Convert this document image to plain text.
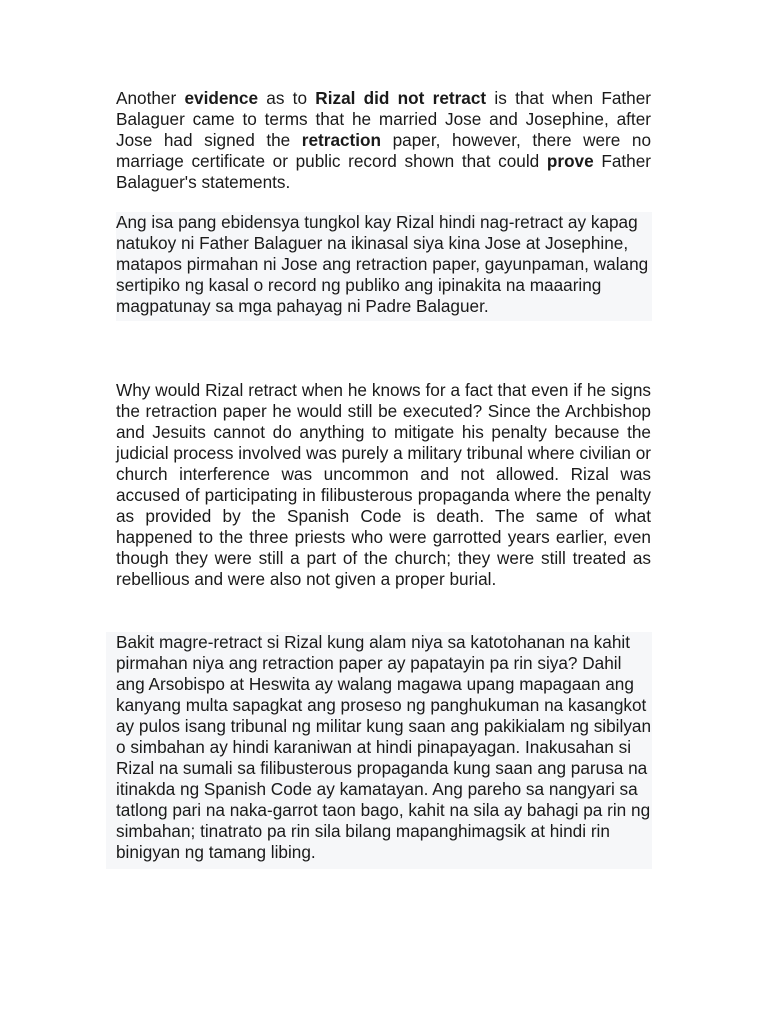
Another evidence as to Rizal did not retract is that when Father Balaguer came to terms that he married Jose and Josephine, after Jose had signed the retraction paper, however, there were no marriage certificate or public record shown that could prove Father Balaguer's statements.

Ang isa pang ebidensya tungkol kay Rizal hindi nag-retract ay kapag natukoy ni Father Balaguer na ikinasal siya kina Jose at Josephine, matapos pirmahan ni Jose ang retraction paper, gayunpaman, walang sertipiko ng kasal o record ng publiko ang ipinakita na maaaring magpatunay sa mga pahayag ni Padre Balaguer.

Why would Rizal retract when he knows for a fact that even if he signs the retraction paper he would still be executed? Since the Archbishop and Jesuits cannot do anything to mitigate his penalty because the judicial process involved was purely a military tribunal where civilian or church interference was uncommon and not allowed. Rizal was accused of participating in filibusterous propaganda where the penalty as provided by the Spanish Code is death. The same of what happened to the three priests who were garrotted years earlier, even though they were still a part of the church; they were still treated as rebellious and were also not given a proper burial.

Bakit magre-retract si Rizal kung alam niya sa katotohanan na kahit pirmahan niya ang retraction paper ay papatayin pa rin siya? Dahil ang Arsobispo at Heswita ay walang magawa upang mapagaan ang kanyang multa sapagkat ang proseso ng panghukuman na kasangkot ay pulos isang tribunal ng militar kung saan ang pakikialam ng sibilyan o simbahan ay hindi karaniwan at hindi pinapayagan. Inakusahan si Rizal na sumali sa filibusterous propaganda kung saan ang parusa na itinakda ng Spanish Code ay kamatayan. Ang pareho sa nangyari sa tatlong pari na naka-garrot taon bago, kahit na sila ay bahagi pa rin ng simbahan; tinatrato pa rin sila bilang mapanghimagsik at hindi rin binigyan ng tamang libing.
